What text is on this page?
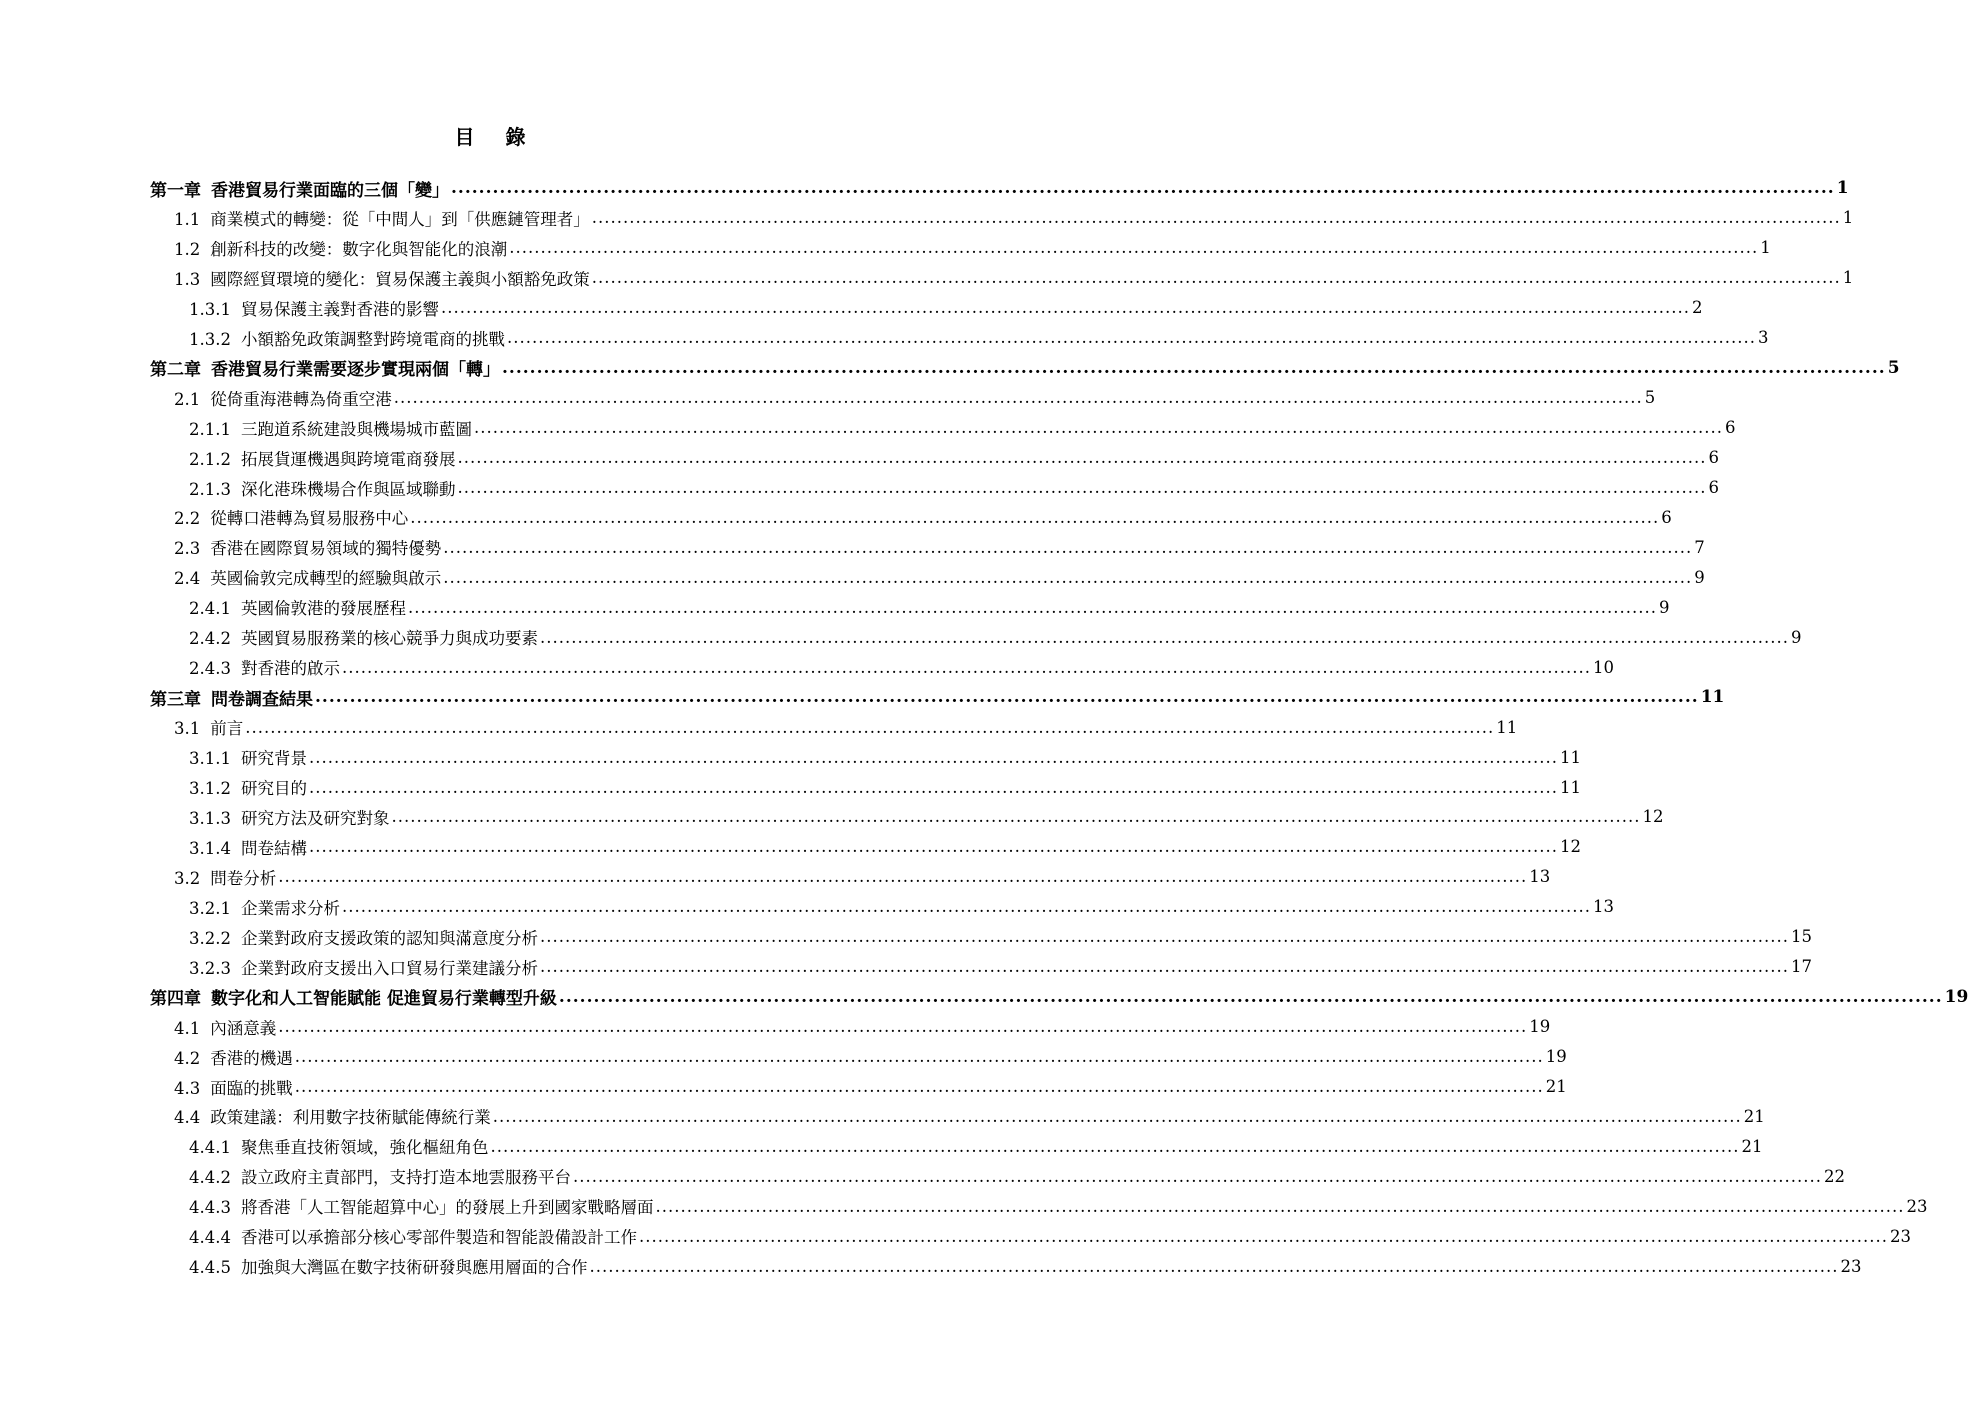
目 錄
第一章 香港貿易行業面臨的三個「變」 ........................................................................................................................................................................................................ 1
1.1 商業模式的轉變：從「中間人」到「供應鏈管理者」 ........................................................................................................................................................................................................ 1
1.2 創新科技的改變：數字化與智能化的浪潮 ........................................................................................................................................................................................................ 1
1.3 國際經貿環境的變化：貿易保護主義與小額豁免政策 ........................................................................................................................................................................................................ 1
1.3.1 貿易保護主義對香港的影響 ........................................................................................................................................................................................................ 2
1.3.2 小額豁免政策調整對跨境電商的挑戰 ........................................................................................................................................................................................................ 3
第二章 香港貿易行業需要逐步實現兩個「轉」 ........................................................................................................................................................................................................ 5
2.1 從倚重海港轉為倚重空港 ........................................................................................................................................................................................................ 5
2.1.1 三跑道系統建設與機場城市藍圖 ........................................................................................................................................................................................................ 6
2.1.2 拓展貨運機遇與跨境電商發展 ........................................................................................................................................................................................................ 6
2.1.3 深化港珠機場合作與區域聯動 ........................................................................................................................................................................................................ 6
2.2 從轉口港轉為貿易服務中心 ........................................................................................................................................................................................................ 6
2.3 香港在國際貿易領域的獨特優勢 ........................................................................................................................................................................................................ 7
2.4 英國倫敦完成轉型的經驗與啟示 ........................................................................................................................................................................................................ 9
2.4.1 英國倫敦港的發展歷程 ........................................................................................................................................................................................................ 9
2.4.2 英國貿易服務業的核心競爭力與成功要素 ........................................................................................................................................................................................................ 9
2.4.3 對香港的啟示 ........................................................................................................................................................................................................ 10
第三章 問卷調查結果 ........................................................................................................................................................................................................ 11
3.1 前言 ........................................................................................................................................................................................................ 11
3.1.1 研究背景 ........................................................................................................................................................................................................ 11
3.1.2 研究目的 ........................................................................................................................................................................................................ 11
3.1.3 研究方法及研究對象 ........................................................................................................................................................................................................ 12
3.1.4 問卷結構 ........................................................................................................................................................................................................ 12
3.2 問卷分析 ........................................................................................................................................................................................................ 13
3.2.1 企業需求分析 ........................................................................................................................................................................................................ 13
3.2.2 企業對政府支援政策的認知與滿意度分析 ........................................................................................................................................................................................................ 15
3.2.3 企業對政府支援出入口貿易行業建議分析 ........................................................................................................................................................................................................ 17
第四章 數字化和人工智能賦能 促進貿易行業轉型升級 ........................................................................................................................................................................................................ 19
4.1 內涵意義 ........................................................................................................................................................................................................ 19
4.2 香港的機遇 ........................................................................................................................................................................................................ 19
4.3 面臨的挑戰 ........................................................................................................................................................................................................ 21
4.4 政策建議：利用數字技術賦能傳統行業 ........................................................................................................................................................................................................ 21
4.4.1 聚焦垂直技術領域，強化樞紐角色 ........................................................................................................................................................................................................ 21
4.4.2 設立政府主責部門，支持打造本地雲服務平台 ........................................................................................................................................................................................................ 22
4.4.3 將香港「人工智能超算中心」的發展上升到國家戰略層面 ........................................................................................................................................................................................................ 23
4.4.4 香港可以承擔部分核心零部件製造和智能設備設計工作 ........................................................................................................................................................................................................ 23
4.4.5 加強與大灣區在數字技術研發與應用層面的合作 ........................................................................................................................................................................................................ 23
